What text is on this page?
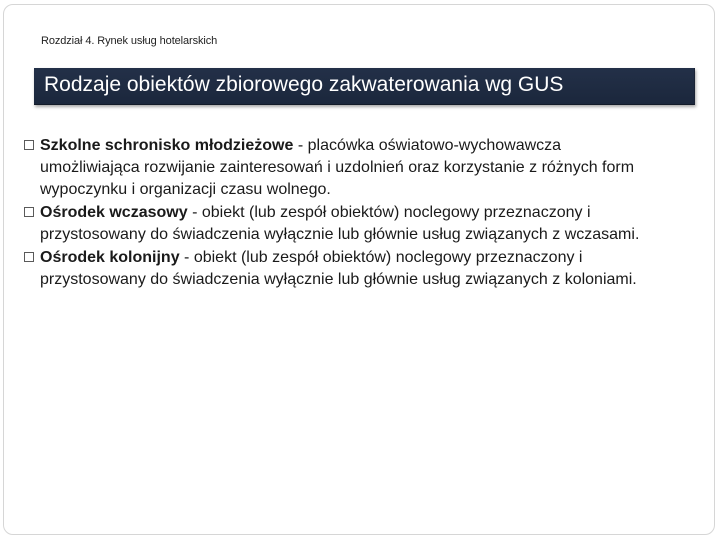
Rozdział 4. Rynek usług hotelarskich
Rodzaje obiektów zbiorowego zakwaterowania wg GUS
Szkolne schronisko młodzieżowe - placówka oświatowo-wychowawcza umożliwiająca rozwijanie zainteresowań i uzdolnień oraz korzystanie z różnych form wypoczynku i organizacji czasu wolnego.
Ośrodek wczasowy - obiekt (lub zespół obiektów) noclegowy przeznaczony i przystosowany do świadczenia wyłącznie lub głównie usług związanych z wczasami.
Ośrodek kolonijny - obiekt (lub zespół obiektów) noclegowy przeznaczony i przystosowany do świadczenia wyłącznie lub głównie usług związanych z koloniami.
